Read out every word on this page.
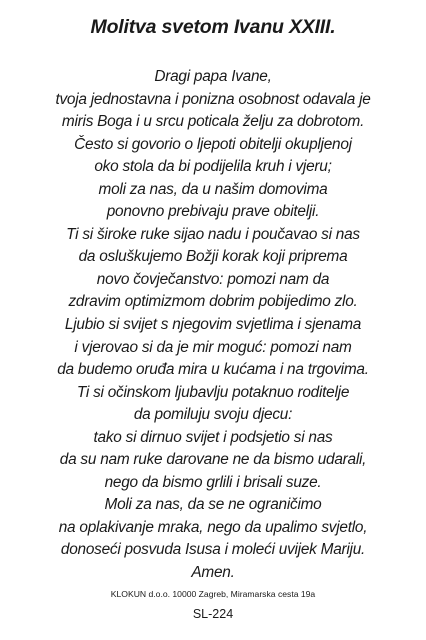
Molitva svetom Ivanu XXIII.
Dragi papa Ivane,
tvoja jednostavna i ponizna osobnost odavala je
miris Boga i u srcu poticala želju za dobrotom.
Često si govorio o ljepoti obitelji okupljenoj
oko stola da bi podijelila kruh i vjeru;
moli za nas, da u našim domovima
ponovno prebivaju prave obitelji.
Ti si široke ruke sijao nadu i poučavao si nas
da osluškujemo Božji korak koji priprema
novo čovječanstvo: pomozi nam da
zdravim optimizmom dobrim pobijedimo zlo.
Ljubio si svijet s njegovim svjetlima i sjenama
i vjerovao si da je mir moguć: pomozi nam
da budemo oruđa mira u kućama i na trgovima.
Ti si očinskom ljubavlju potaknuo roditelje
da pomiluju svoju djecu:
tako si dirnuo svijet i podsjetio si nas
da su nam ruke darovane ne da bismo udarali,
nego da bismo grlili i brisali suze.
Moli za nas, da se ne ograničimo
na oplakivanje mraka, nego da upalimo svjetlo,
donoseći posvuda Isusa i moleći uvijek Mariju.
Amen.
KLOKUN d.o.o. 10000 Zagreb, Miramarska cesta 19a
SL-224
